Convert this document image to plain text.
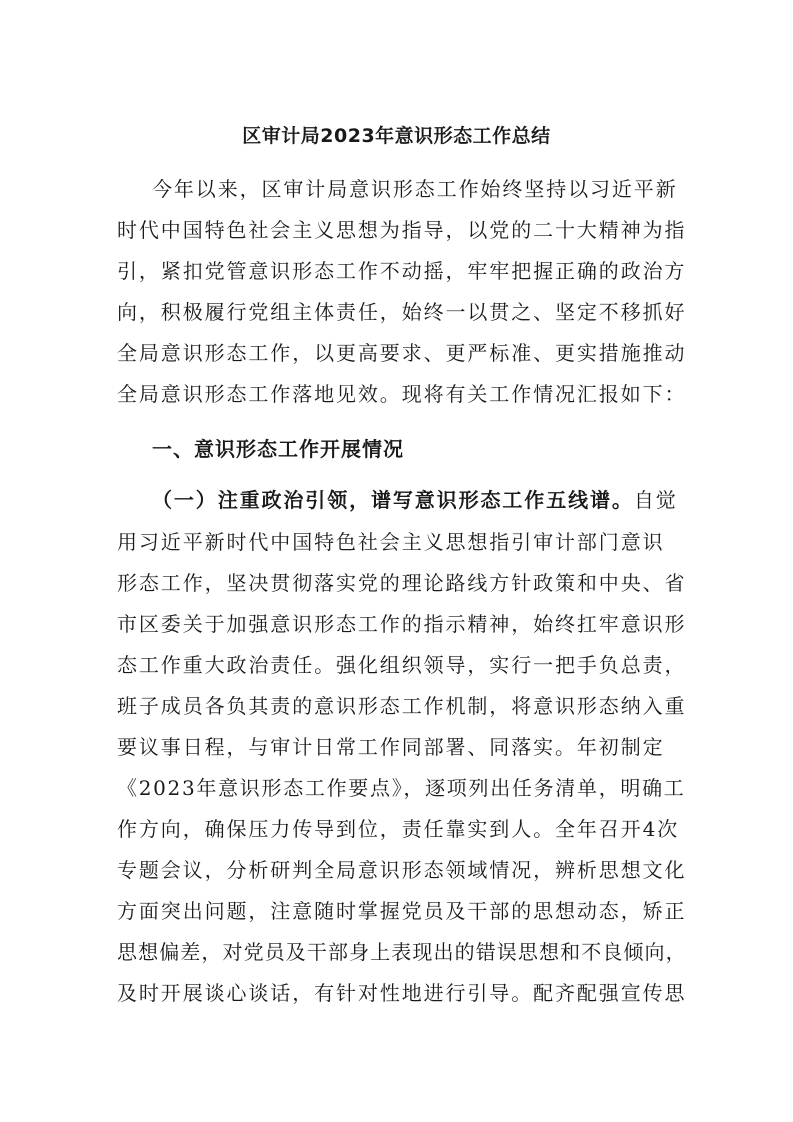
区审计局2023年意识形态工作总结
今年以来，区审计局意识形态工作始终坚持以习近平新
时代中国特色社会主义思想为指导，以党的二十大精神为指
引，紧扣党管意识形态工作不动摇，牢牢把握正确的政治方
向，积极履行党组主体责任，始终一以贯之、坚定不移抓好
全局意识形态工作，以更高要求、更严标准、更实措施推动
全局意识形态工作落地见效。现将有关工作情况汇报如下：
一、意识形态工作开展情况
（一）注重政治引领，谱写意识形态工作五线谱。自觉
用习近平新时代中国特色社会主义思想指引审计部门意识
形态工作，坚决贯彻落实党的理论路线方针政策和中央、省
市区委关于加强意识形态工作的指示精神，始终扛牢意识形
态工作重大政治责任。强化组织领导，实行一把手负总责，
班子成员各负其责的意识形态工作机制，将意识形态纳入重
要议事日程，与审计日常工作同部署、同落实。年初制定
《2023年意识形态工作要点》，逐项列出任务清单，明确工
作方向，确保压力传导到位，责任靠实到人。全年召开4次
专题会议，分析研判全局意识形态领域情况，辨析思想文化
方面突出问题，注意随时掌握党员及干部的思想动态，矫正
思想偏差，对党员及干部身上表现出的错误思想和不良倾向，
及时开展谈心谈话，有针对性地进行引导。配齐配强宣传思
